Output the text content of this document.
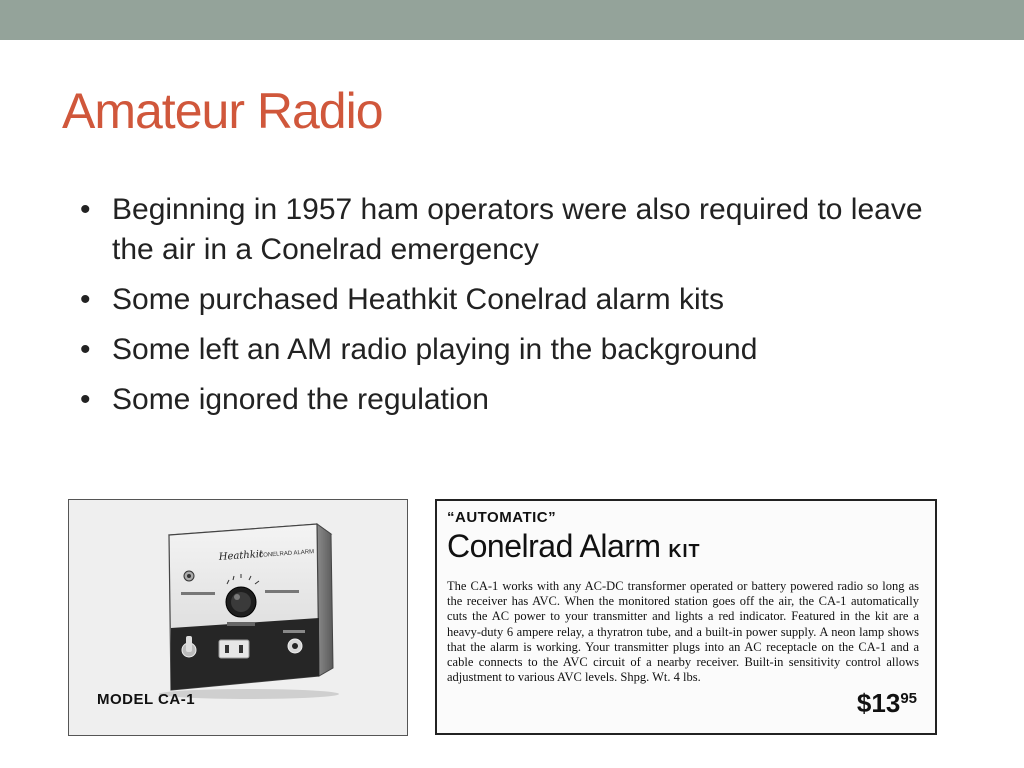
Amateur Radio
• Beginning in 1957 ham operators were also required to leave the air in a Conelrad emergency
• Some purchased Heathkit Conelrad alarm kits
• Some left an AM radio playing in the background
• Some ignored the regulation
Heathkit
CONELRAD ALARM
MODEL CA-1
“AUTOMATIC”
Conelrad Alarm KIT

The CA-1 works with any AC-DC transformer operated or battery powered radio so long as the receiver has AVC. When the monitored station goes off the air, the CA-1 automatically cuts the AC power to your transmitter and lights a red indicator. Featured in the kit are a heavy-duty 6 ampere relay, a thyratron tube, and a built-in power supply. A neon lamp shows that the alarm is working. Your transmitter plugs into an AC receptacle on the CA-1 and a cable connects to the AVC circuit of a nearby receiver. Built-in sensitivity control allows adjustment to various AVC levels. Shpg. Wt. 4 lbs.

$\$13^{95}$
